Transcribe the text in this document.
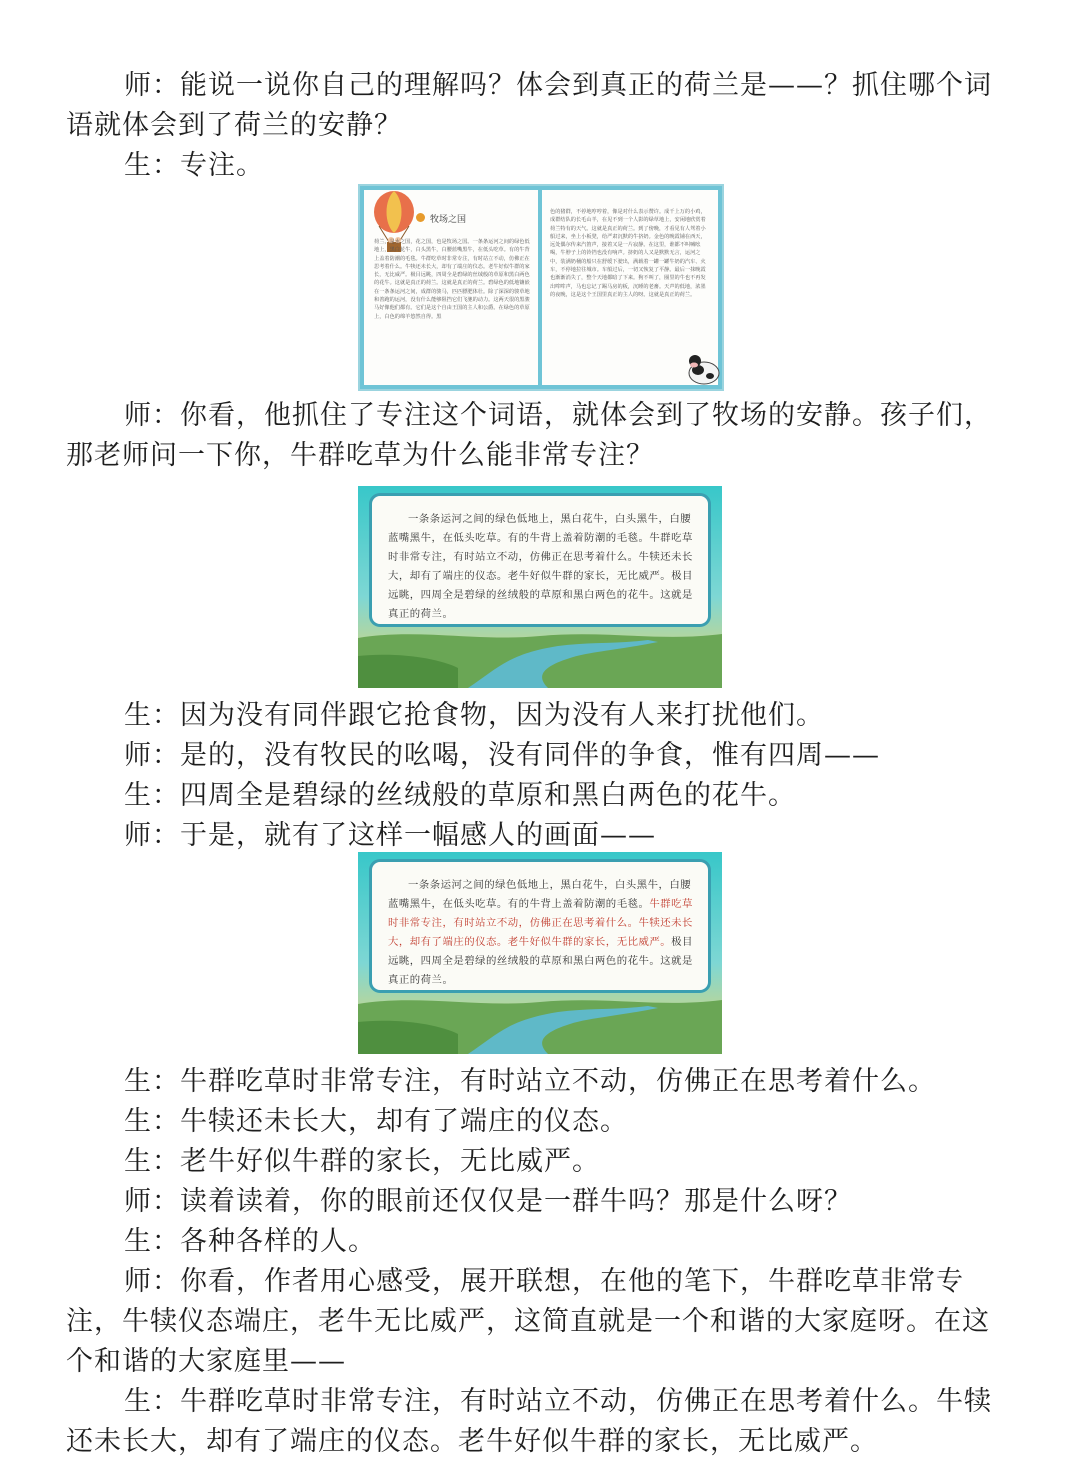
师：能说一说你自己的理解吗？体会到真正的荷兰是——？抓住哪个词语就体会到了荷兰的安静？

生：专注。

牧场之国
荷兰，是水之国，花之国，也是牧场之国。一条条运河之间的绿色低地上，黑白花牛，白头黑牛，白腰蓝嘴黑牛，在低头吃草。有的牛背上盖着防潮的毛毯。牛群吃草时非常专注，有时站立不动，仿佛正在思考着什么。牛犊还未长大，却有了端庄的仪态。老牛好似牛群的家长，无比威严。极目远眺，四周全是碧绿的丝绒般的草原和黑白两色的花牛。这就是真正的荷兰。这就是真正的荷兰。碧绿色的低地镶嵌在一条条运河之间，成群的骏马，匹匹膘肥体壮。除了深深的骏草地和善跑的运河，没有什么能够阻挡它们飞驰的动力。这两天很的黑骏马好像他们都有。它们是这个自由王国的主人和公爵。在绿色的草原上，白色的绵羊悠然自得。黑
色的猪群，不停地哼哼着，像是对什么表示赞许。成千上万的小鸡，成群结队的长毛山羊，在见不到一个人影的绿草地上，安闲地欣赏着荷兰特有的天气。这就是真正的荷兰。到了傍晚，才看见有人驾着小船过来，坐上小板凳，给严肃沉默的牛挤奶。金色的晚霞铺在西天，远处偶尔传来汽笛声，接着又是一片寂静。在这里，谁都不叫喊吆喝，牛脖子上的铃铛也没有响声。挤奶的人又是默默无言，运河之中，装满奶桶的船只在舒缓下驶出，满载着一罐一罐牛奶的汽车、火车，不停地拉往城市。车船过后，一切又恢复了平静。最后一抹晚霞也渐渐消失了，整个天地都暗了下来。狗不叫了，圈里的牛也不再发出哞哞声，马也忘记了踢马房的板，沉睡的老畜。天声的低地，浓墨的夜晚，这是这个王国里真正的主人的呀。这就是真正的荷兰。

师：你看，他抓住了专注这个词语，就体会到了牧场的安静。孩子们，那老师问一下你，牛群吃草为什么能非常专注？

一条条运河之间的绿色低地上，黑白花牛，白头黑牛，白腰蓝嘴黑牛，在低头吃草。有的牛背上盖着防潮的毛毯。牛群吃草时非常专注，有时站立不动，仿佛正在思考着什么。牛犊还未长大，却有了端庄的仪态。老牛好似牛群的家长，无比威严。极目远眺，四周全是碧绿的丝绒般的草原和黑白两色的花牛。这就是真正的荷兰。

生：因为没有同伴跟它抢食物，因为没有人来打扰他们。

师：是的，没有牧民的吆喝，没有同伴的争食，惟有四周——

生：四周全是碧绿的丝绒般的草原和黑白两色的花牛。

师：于是，就有了这样一幅感人的画面——

一条条运河之间的绿色低地上，黑白花牛，白头黑牛，白腰蓝嘴黑牛，在低头吃草。有的牛背上盖着防潮的毛毯。牛群吃草时非常专注，有时站立不动，仿佛正在思考着什么。牛犊还未长大，却有了端庄的仪态。老牛好似牛群的家长，无比威严。极目远眺，四周全是碧绿的丝绒般的草原和黑白两色的花牛。这就是真正的荷兰。

生：牛群吃草时非常专注，有时站立不动，仿佛正在思考着什么。

生：牛犊还未长大，却有了端庄的仪态。

生：老牛好似牛群的家长，无比威严。

师：读着读着，你的眼前还仅仅是一群牛吗？那是什么呀？

生：各种各样的人。

师：你看，作者用心感受，展开联想，在他的笔下，牛群吃草非常专注，牛犊仪态端庄，老牛无比威严，这简直就是一个和谐的大家庭呀。在这个和谐的大家庭里——

生：牛群吃草时非常专注，有时站立不动，仿佛正在思考着什么。牛犊还未长大，却有了端庄的仪态。老牛好似牛群的家长，无比威严。
